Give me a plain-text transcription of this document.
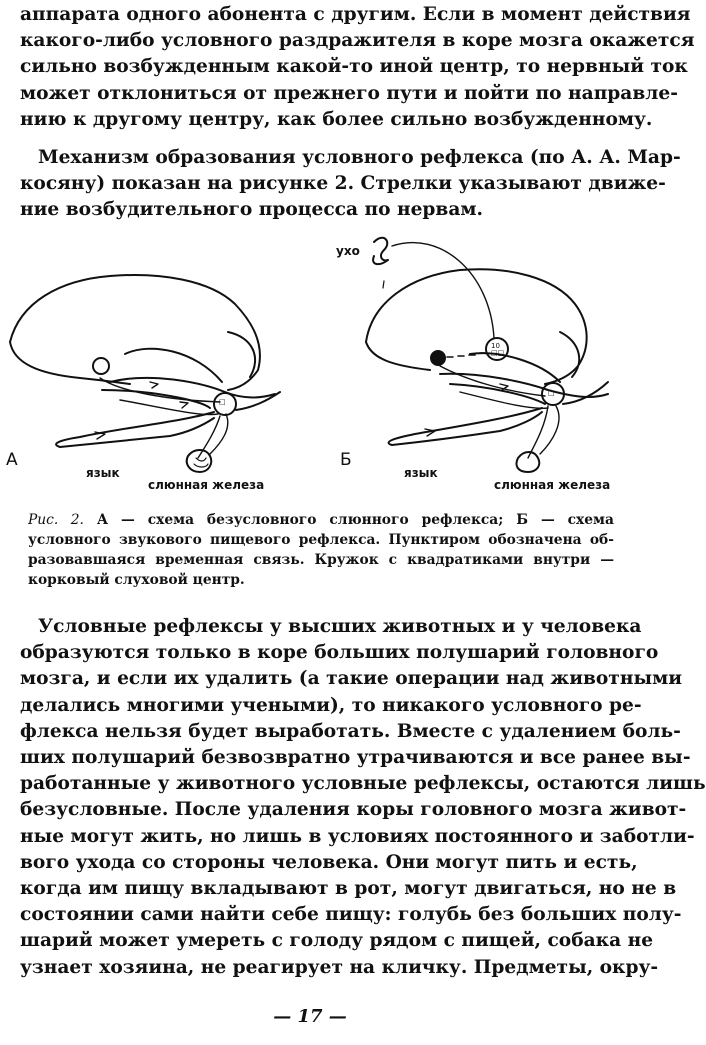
аппарата одного абонента с другим. Если в момент действия
какого-либо условного раздражителя в коре мозга окажется
сильно возбужденным какой-то иной центр, то нервный ток
может отклониться от прежнего пути и пойти по направле-
нию к другому центру, как более сильно возбужденному.
Механизм образования условного рефлекса (по А. А. Мар-
косяну) показан на рисунке 2. Стрелки указывают движе-
ние возбудительного процесса по нервам.
10
□□
□
□
А
язык
слюнная железа
ухо
Б
язык
слюнная железа
Рис. 2. А — схема безусловного слюнного рефлекса; Б — схема
условного звукового пищевого рефлекса. Пунктиром обозначена об-
разовавшаяся временная связь. Кружок с квадратиками внутри —
корковый слуховой центр.
Условные рефлексы у высших животных и у человека
образуются только в коре больших полушарий головного
мозга, и если их удалить (а такие операции над животными
делались многими учеными), то никакого условного ре-
флекса нельзя будет выработать. Вместе с удалением боль-
ших полушарий безвозвратно утрачиваются и все ранее вы-
работанные у животного условные рефлексы, остаются лишь
безусловные. После удаления коры головного мозга живот-
ные могут жить, но лишь в условиях постоянного и заботли-
вого ухода со стороны человека. Они могут пить и есть,
когда им пищу вкладывают в рот, могут двигаться, но не в
состоянии сами найти себе пищу: голубь без больших полу-
шарий может умереть с голоду рядом с пищей, собака не
узнает хозяина, не реагирует на кличку. Предметы, окру-
— 17 —
